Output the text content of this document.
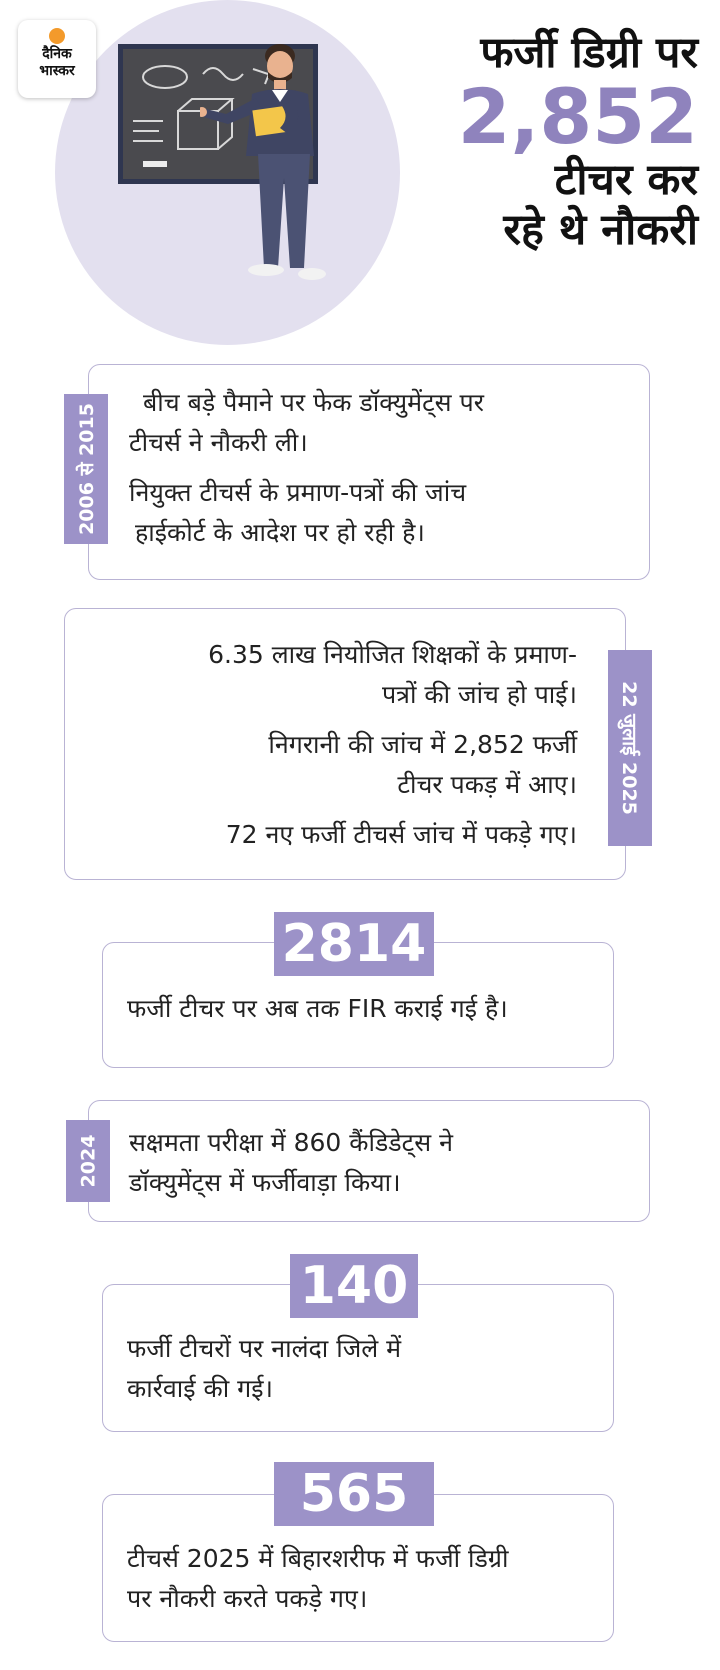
दैनिक
भास्कर	फर्जी डिग्री पर
2,852
टीचर कर
रहे थे नौकरी

बीच बड़े पैमाने पर फेक डॉक्युमेंट्स पर

टीचर्स ने नौकरी ली।

नियुक्त टीचर्स के प्रमाण-पत्रों की जांच

हाईकोर्ट के आदेश पर हो रही है।

2006 से 2015

6.35 लाख नियोजित शिक्षकों के प्रमाण-

पत्रों की जांच हो पाई।

निगरानी की जांच में 2,852 फर्जी

टीचर पकड़ में आए।

72 नए फर्जी टीचर्स जांच में पकड़े गए।

22 जुलाई 2025

फर्जी टीचर पर अब तक FIR कराई गई है।

2814

सक्षमता परीक्षा में 860 कैंडिडेट्स ने

डॉक्युमेंट्स में फर्जीवाड़ा किया।

2024

फर्जी टीचरों पर नालंदा जिले में

कार्रवाई की गई।

140

टीचर्स 2025 में बिहारशरीफ में फर्जी डिग्री

पर नौकरी करते पकड़े गए।

565
